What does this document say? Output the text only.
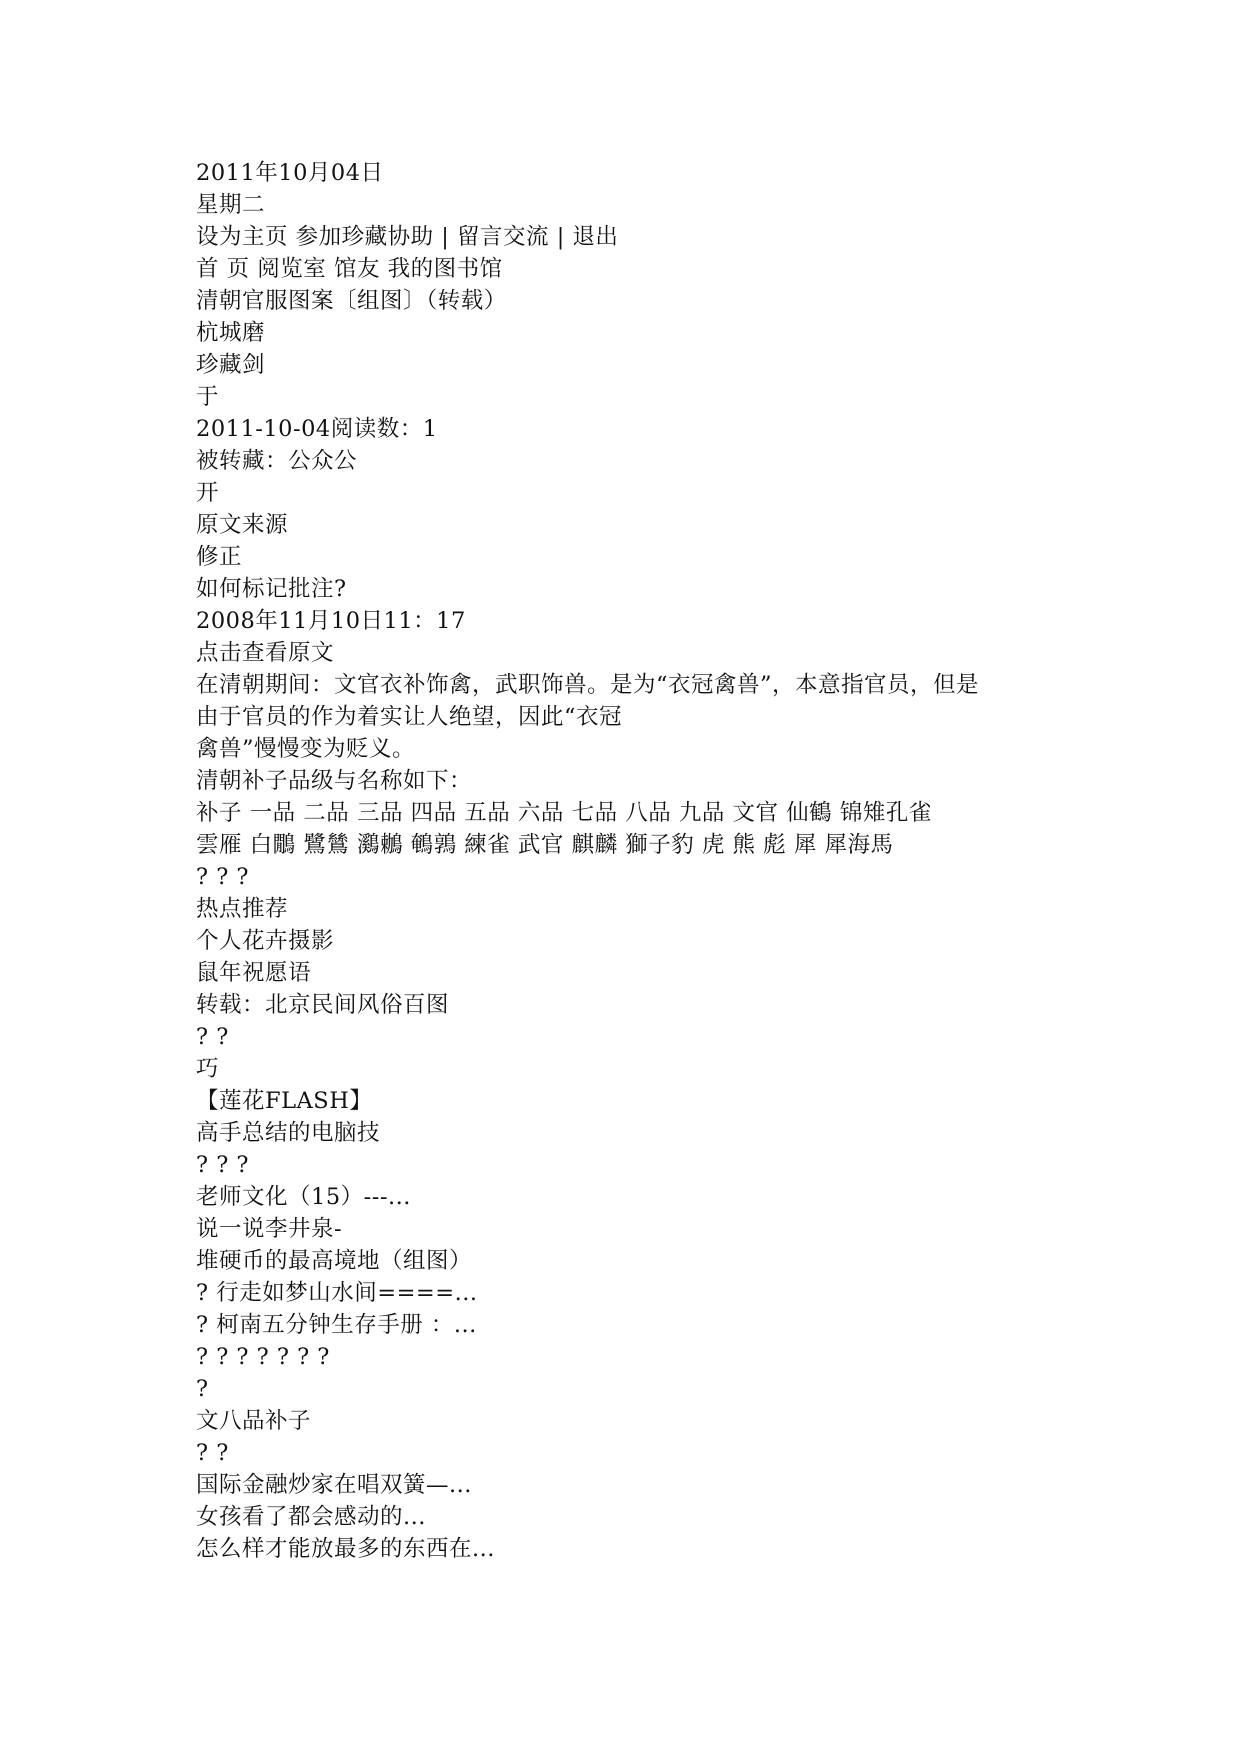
2011年10月04日
星期二
设为主页 参加珍藏协助 | 留言交流 | 退出
首 页 阅览室 馆友 我的图书馆
清朝官服图案〔组图〕（转载）
杭城磨
珍藏剑
于
2011-10-04阅读数：1
被转藏：公众公
开
原文来源
修正
如何标记批注?
2008年11月10日11：17
点击查看原文
在清朝期间：文官衣补饰禽，武职饰兽。是为“衣冠禽兽”，本意指官员，但是
由于官员的作为着实让人绝望，因此“衣冠
禽兽”慢慢变为贬义。
清朝补子品级与名称如下：
补子 一品 二品 三品 四品 五品 六品 七品 八品 九品 文官 仙鶴 锦雉孔雀
雲雁 白鷳 鷺鷥 鸂鶒 鵪鶉 練雀 武官 麒麟 獅子豹 虎 熊 彪 犀 犀海馬
? ? ?
热点推荐
个人花卉摄影
鼠年祝愿语
转载：北京民间风俗百图
? ?
巧
【莲花FLASH】
高手总结的电脑技
? ? ?
老师文化（15）---...
说一说李井泉-
堆硬币的最高境地（组图）
? 行走如梦山水间====...
? 柯南五分钟生存手册 ：...
? ? ? ? ? ? ?
?
文八品补子
? ?
国际金融炒家在唱双簧—...
女孩看了都会感动的...
怎么样才能放最多的东西在...
